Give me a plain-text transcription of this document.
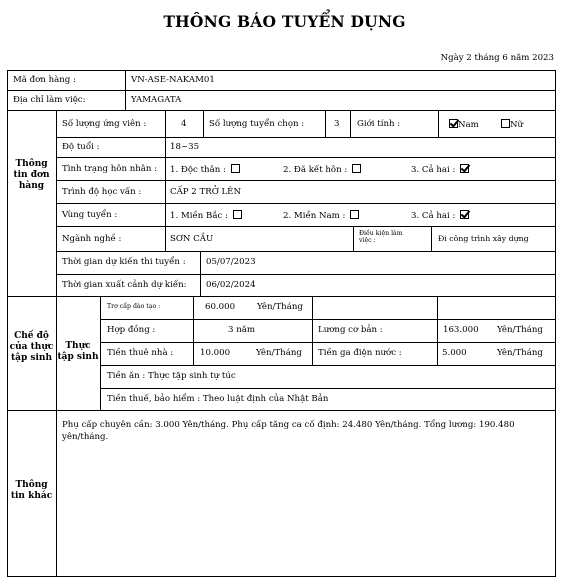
THÔNG BÁO TUYỂN DỤNG
Ngày 2 tháng 6 năm 2023
Mã đơn hàng :	VN-ASE-NAKAM01
Địa chỉ làm việc:	YAMAGATA
Thông
tin đơn
hàng
Số lượng ứng viên :	4	Số lượng tuyển chọn :	3 Giới tính :	Nam	Nữ
Độ tuổi :	18~35
Tình trạng hôn nhân : 1. Độc thân :	2. Đã kết hôn :	3. Cả hai :
Trình độ học vấn :	CẤP 2 TRỞ LÊN
Vùng tuyển :	1. Miền Bắc :	2. Miền Nam :	3. Cả hai :
Ngành nghề :	SƠN CẦU
Điều kiện làm
việc :	Đi công trình xây dựng
Thời gian dự kiến thi tuyển : 05/07/2023
Thời gian xuất cảnh dự kiến: 06/02/2024
Chế độ
của thực
tập sinh
Thực
tập sinh
Trợ cấp đào tạo :	60.000	Yên/Tháng
Hợp đồng :	3 năm	Lương cơ bản :	163.000 Yên/Tháng
Tiền thuê nhà :	10.000	Yên/Tháng Tiền ga điện nước :	5.000	Yên/Tháng
Tiền ăn : Thực tập sinh tự túc
Tiền thuế, bảo hiểm : Theo luật định của Nhật Bản
Thông
tin khác
Phụ cấp chuyên cần: 3.000 Yên/tháng. Phụ cấp tăng ca cố định: 24.480 Yên/tháng. Tổng lương: 190.480 yên/tháng.
